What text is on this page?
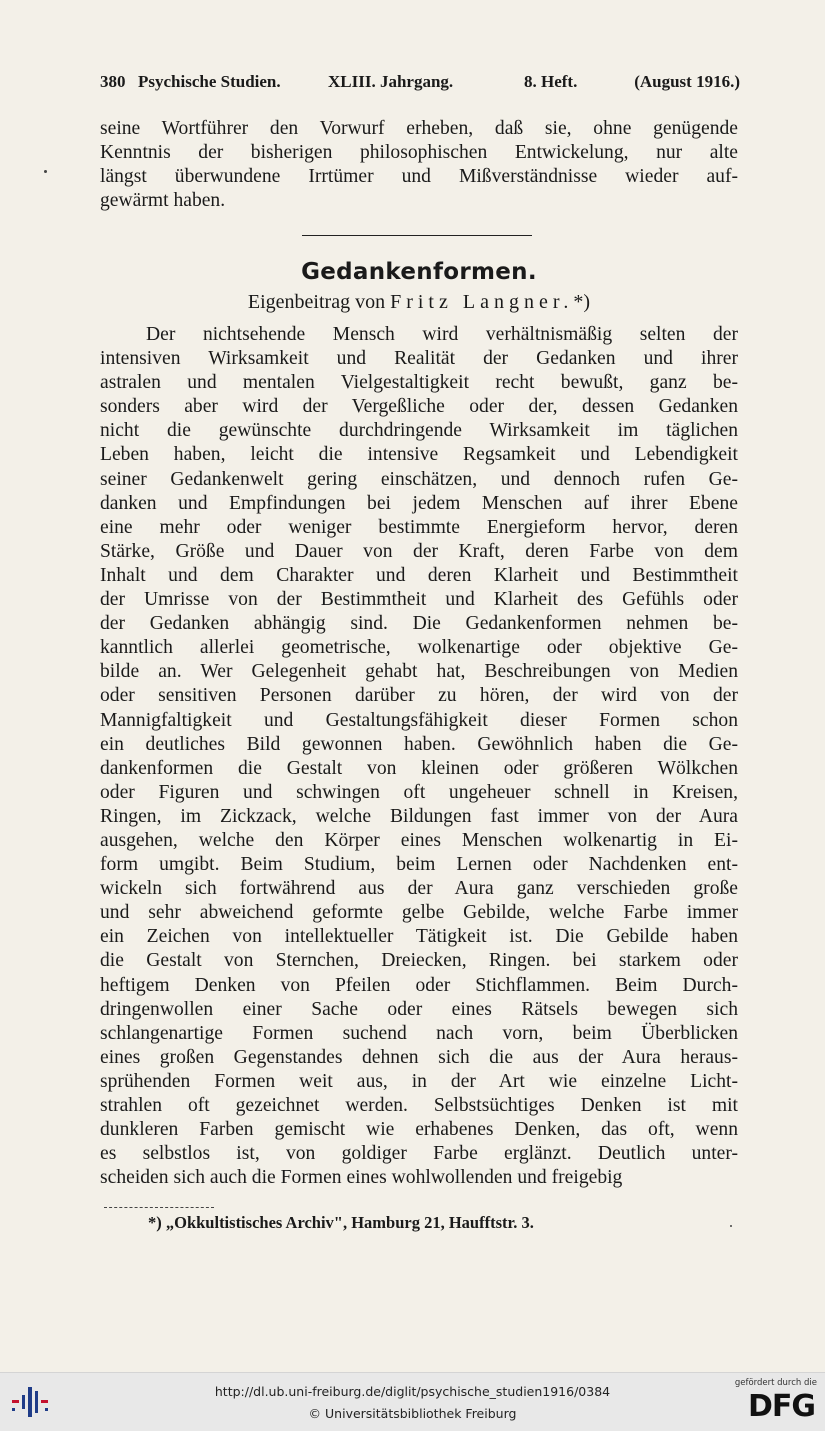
380 Psychische Studien.	XLIII. Jahrgang.	8. Heft.	(August 1916.)
seine Wortführer den Vorwurf erheben, daß sie, ohne genügende
Kenntnis der bisherigen philosophischen Entwickelung, nur alte
längst überwundene Irrtümer und Mißverständnisse wieder auf-
gewärmt haben.
Gedankenformen.
Eigenbeitrag von Fritz Langner.*)
Der nichtsehende Mensch wird verhältnismäßig selten der
intensiven Wirksamkeit und Realität der Gedanken und ihrer
astralen und mentalen Vielgestaltigkeit recht bewußt, ganz be-
sonders aber wird der Vergeßliche oder der, dessen Gedanken
nicht die gewünschte durchdringende Wirksamkeit im täglichen
Leben haben, leicht die intensive Regsamkeit und Lebendigkeit
seiner Gedankenwelt gering einschätzen, und dennoch rufen Ge-
danken und Empfindungen bei jedem Menschen auf ihrer Ebene
eine mehr oder weniger bestimmte Energieform hervor, deren
Stärke, Größe und Dauer von der Kraft, deren Farbe von dem
Inhalt und dem Charakter und deren Klarheit und Bestimmtheit
der Umrisse von der Bestimmtheit und Klarheit des Gefühls oder
der Gedanken abhängig sind. Die Gedankenformen nehmen be-
kanntlich allerlei geometrische, wolkenartige oder objektive Ge-
bilde an. Wer Gelegenheit gehabt hat, Beschreibungen von Medien
oder sensitiven Personen darüber zu hören, der wird von der
Mannigfaltigkeit und Gestaltungsfähigkeit dieser Formen schon
ein deutliches Bild gewonnen haben. Gewöhnlich haben die Ge-
dankenformen die Gestalt von kleinen oder größeren Wölkchen
oder Figuren und schwingen oft ungeheuer schnell in Kreisen,
Ringen, im Zickzack, welche Bildungen fast immer von der Aura
ausgehen, welche den Körper eines Menschen wolkenartig in Ei-
form umgibt. Beim Studium, beim Lernen oder Nachdenken ent-
wickeln sich fortwährend aus der Aura ganz verschieden große
und sehr abweichend geformte gelbe Gebilde, welche Farbe immer
ein Zeichen von intellektueller Tätigkeit ist. Die Gebilde haben
die Gestalt von Sternchen, Dreiecken, Ringen. bei starkem oder
heftigem Denken von Pfeilen oder Stichflammen. Beim Durch-
dringenwollen einer Sache oder eines Rätsels bewegen sich
schlangenartige Formen suchend nach vorn, beim Überblicken
eines großen Gegenstandes dehnen sich die aus der Aura heraus-
sprühenden Formen weit aus, in der Art wie einzelne Licht-
strahlen oft gezeichnet werden. Selbstsüchtiges Denken ist mit
dunkleren Farben gemischt wie erhabenes Denken, das oft, wenn
es selbstlos ist, von goldiger Farbe erglänzt. Deutlich unter-
scheiden sich auch die Formen eines wohlwollenden und freigebig
*) „Okkultistisches Archiv", Hamburg 21, Haufftstr. 3.
http://dl.ub.uni-freiburg.de/diglit/psychische_studien1916/0384
© Universitätsbibliothek Freiburg
gefördert durch die
DFG
